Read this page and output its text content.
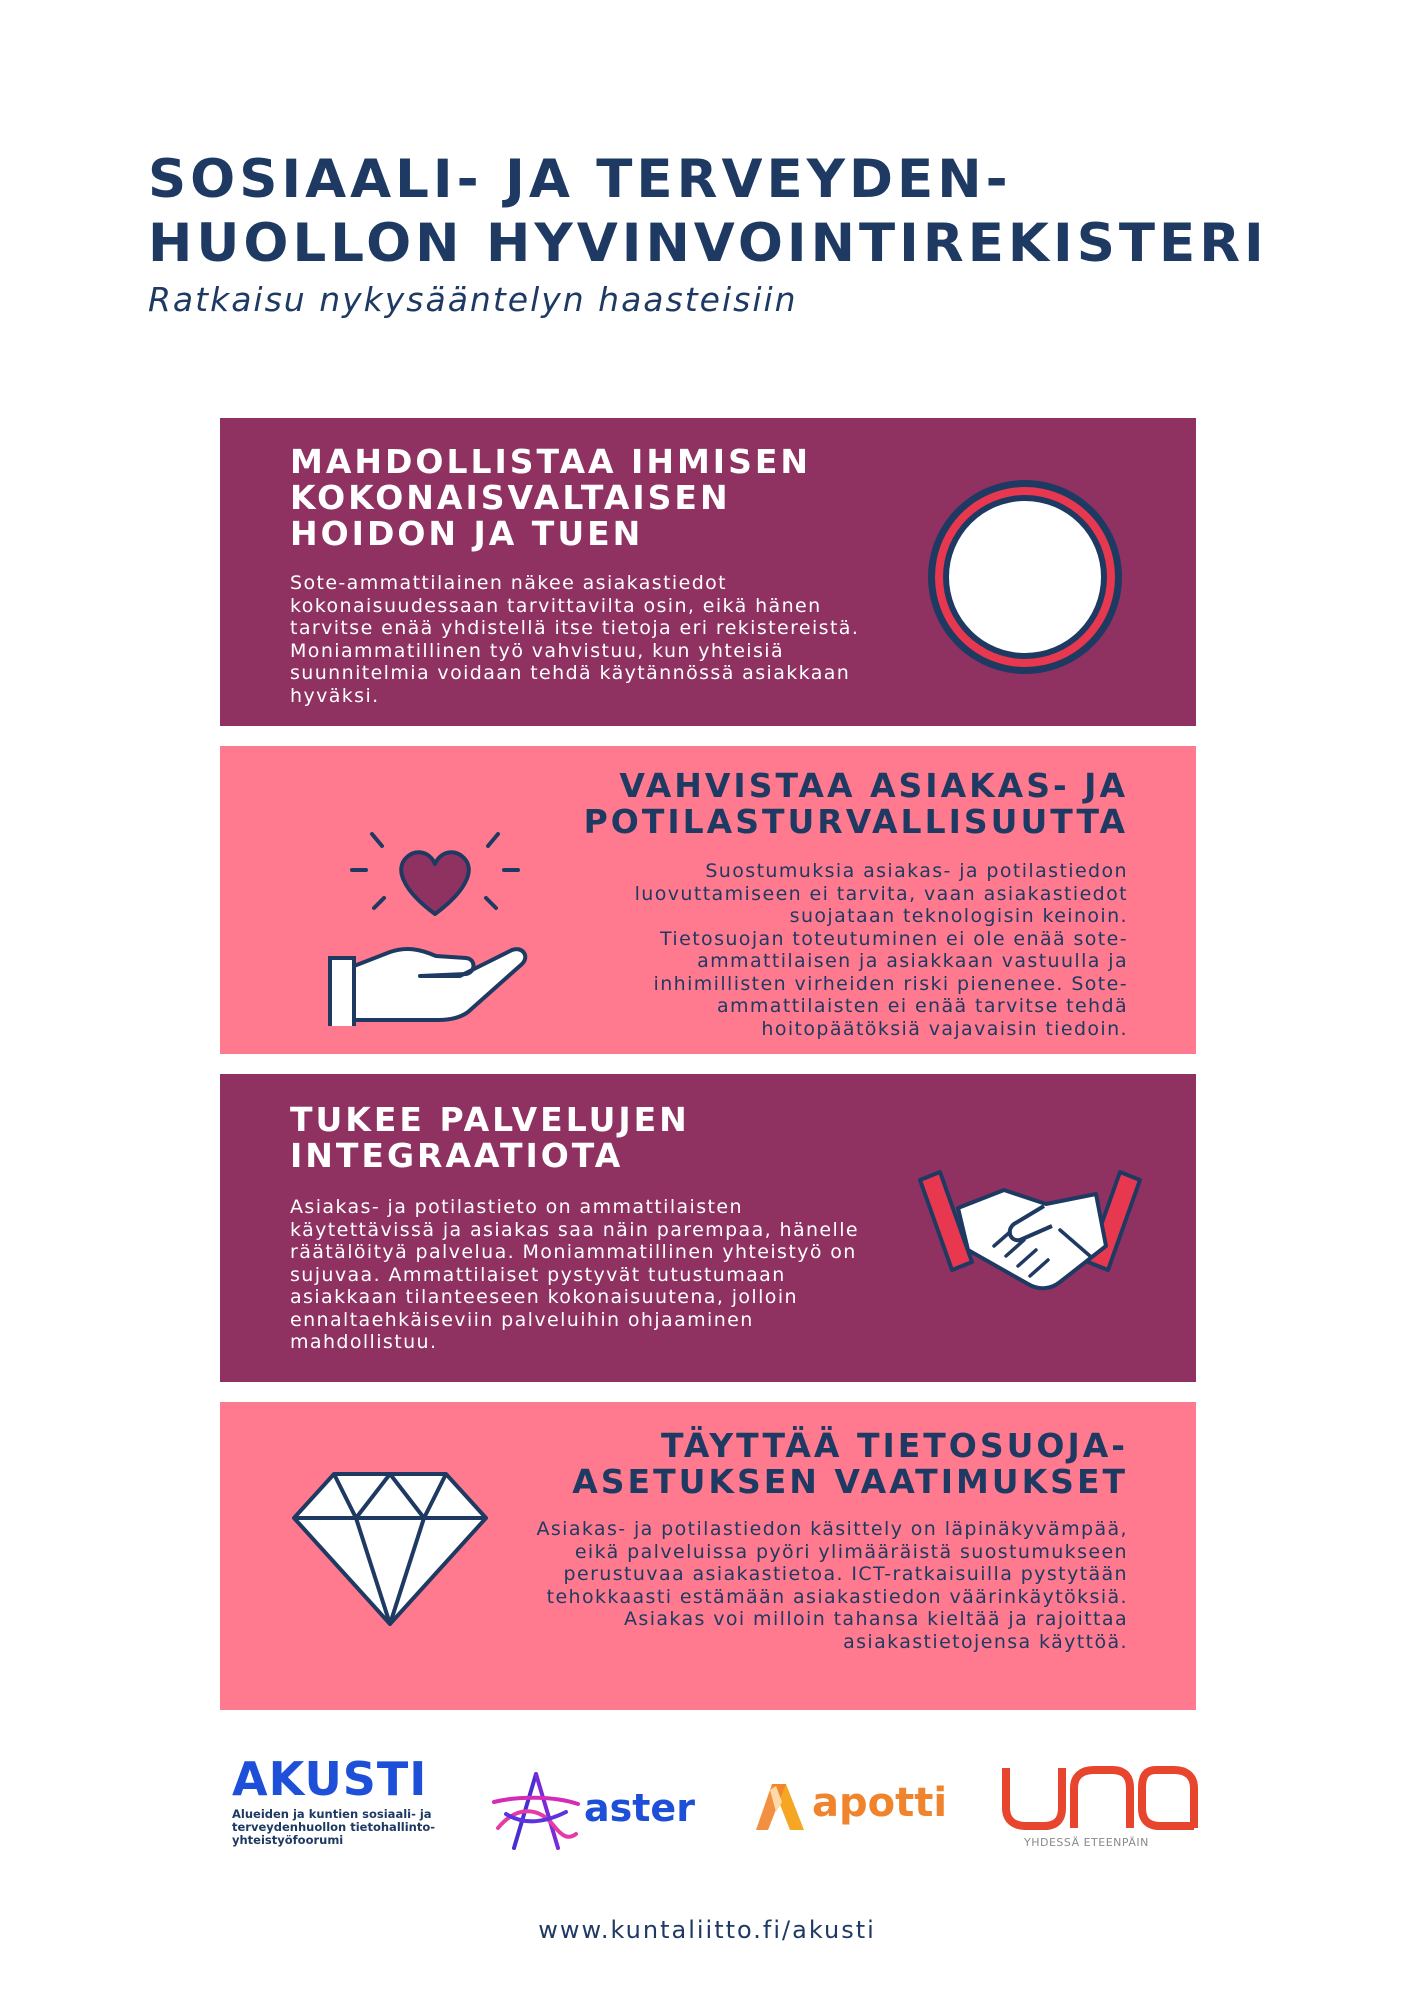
SOSIAALI- JA TERVEYDEN-
HUOLLON HYVINVOINTIREKISTERI
Ratkaisu nykysääntelyn haasteisiin
MAHDOLLISTAA IHMISEN
KOKONAISVALTAISEN
HOIDON JA TUEN
Sote-ammattilainen näkee asiakastiedot
kokonaisuudessaan tarvittavilta osin, eikä hänen
tarvitse enää yhdistellä itse tietoja eri rekistereistä.
Moniammatillinen työ vahvistuu, kun yhteisiä
suunnitelmia voidaan tehdä käytännössä asiakkaan
hyväksi.
VAHVISTAA ASIAKAS- JA
POTILASTURVALLISUUTTA
Suostumuksia asiakas- ja potilastiedon
luovuttamiseen ei tarvita, vaan asiakastiedot
suojataan teknologisin keinoin.
Tietosuojan toteutuminen ei ole enää sote-
ammattilaisen ja asiakkaan vastuulla ja
inhimillisten virheiden riski pienenee. Sote-
ammattilaisten ei enää tarvitse tehdä
hoitopäätöksiä vajavaisin tiedoin.
TUKEE PALVELUJEN
INTEGRAATIOTA
Asiakas- ja potilastieto on ammattilaisten
käytettävissä ja asiakas saa näin parempaa, hänelle
räätälöityä palvelua. Moniammatillinen yhteistyö on
sujuvaa. Ammattilaiset pystyvät tutustumaan
asiakkaan tilanteeseen kokonaisuutena, jolloin
ennaltaehkäiseviin palveluihin ohjaaminen
mahdollistuu.
TÄYTTÄÄ TIETOSUOJA-
ASETUKSEN VAATIMUKSET
Asiakas- ja potilastiedon käsittely on läpinäkyvämpää,
eikä palveluissa pyöri ylimääräistä suostumukseen
perustuvaa asiakastietoa. ICT-ratkaisuilla pystytään
tehokkaasti estämään asiakastiedon väärinkäytöksiä.
Asiakas voi milloin tahansa kieltää ja rajoittaa
asiakastietojensa käyttöä.
AKUSTI
Alueiden ja kuntien sosiaali- ja
terveydenhuollon tietohallinto-
yhteistyöfoorumi
aster	apotti
YHDESSÄ ETEENPÄIN
www.kuntaliitto.fi/akusti
